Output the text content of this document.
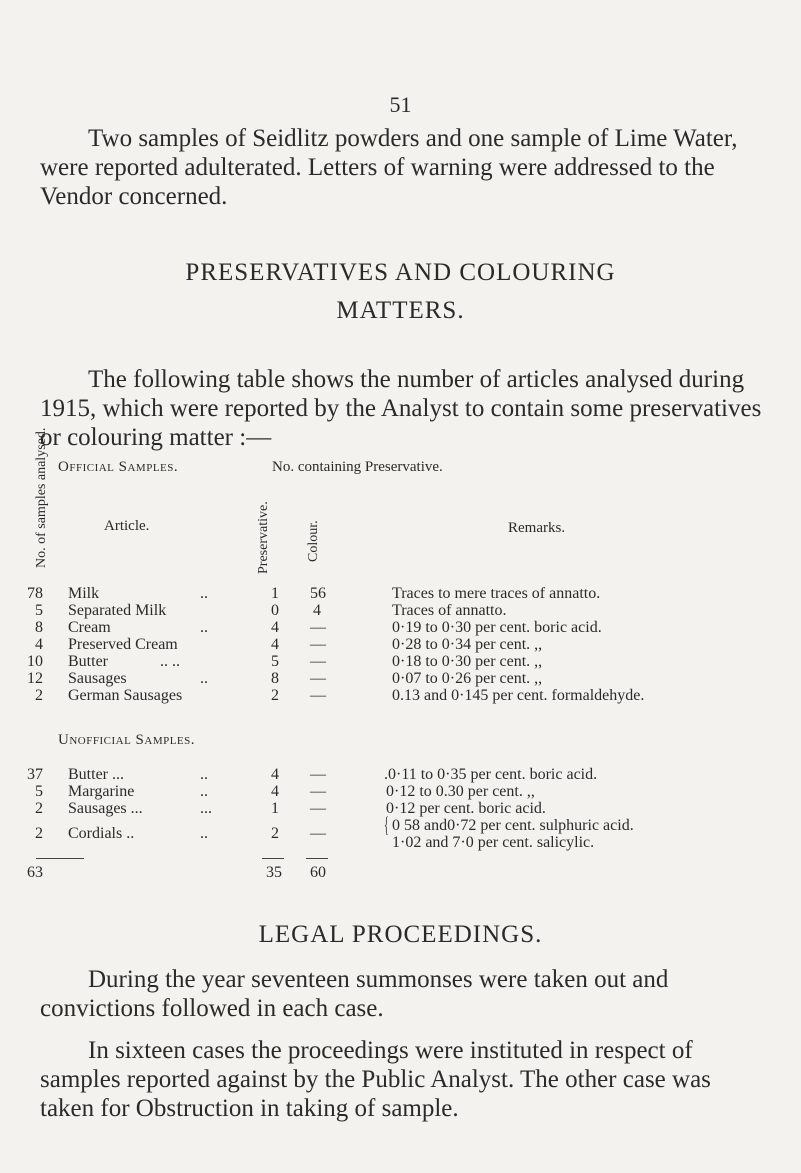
51

Two samples of Seidlitz powders and one sample of Lime Water, were reported adulterated. Letters of warning were addressed to the Vendor concerned.

PRESERVATIVES AND COLOURING
MATTERS.

The following table shows the number of articles analysed during 1915, which were reported by the Analyst to contain some preservatives or colouring matter :—

Official Samples.	No. containing Preservative.
No. of samples analysed.	Article.	Preservative.	Colour.	Remarks.
78 Milk	..	1 56	Traces to mere traces of annatto.
5 Separated Milk	0 4	Traces of annatto.
8 Cream	..	4 —	0·19 to 0·30 per cent. boric acid.
4 Preserved Cream	4 —	0·28 to 0·34 per cent. ,,
10 Butter	.. ..	5 —	0·18 to 0·30 per cent. ,,
12 Sausages	..	8 —	0·07 to 0·26 per cent. ,,
2 German Sausages	2 —	0.13 and 0·145 per cent. formaldehyde.
Unofficial Samples.
37 Butter ...	..	4 —	.0·11 to 0·35 per cent. boric acid.
5 Margarine	..	4 —	0·12 to 0.30 per cent. ,,
2 Sausages ...	...	1 —	0·12 per cent. boric acid.
2 Cordials ..	..	2 —	{ 0 58 and0·72 per cent. sulphuric acid.
1·02 and 7·0 per cent. salicylic.
63	35 60
LEGAL PROCEEDINGS.

During the year seventeen summonses were taken out and convictions followed in each case.

In sixteen cases the proceedings were instituted in respect of samples reported against by the Public Analyst. The other case was taken for Obstruction in taking of sample.
